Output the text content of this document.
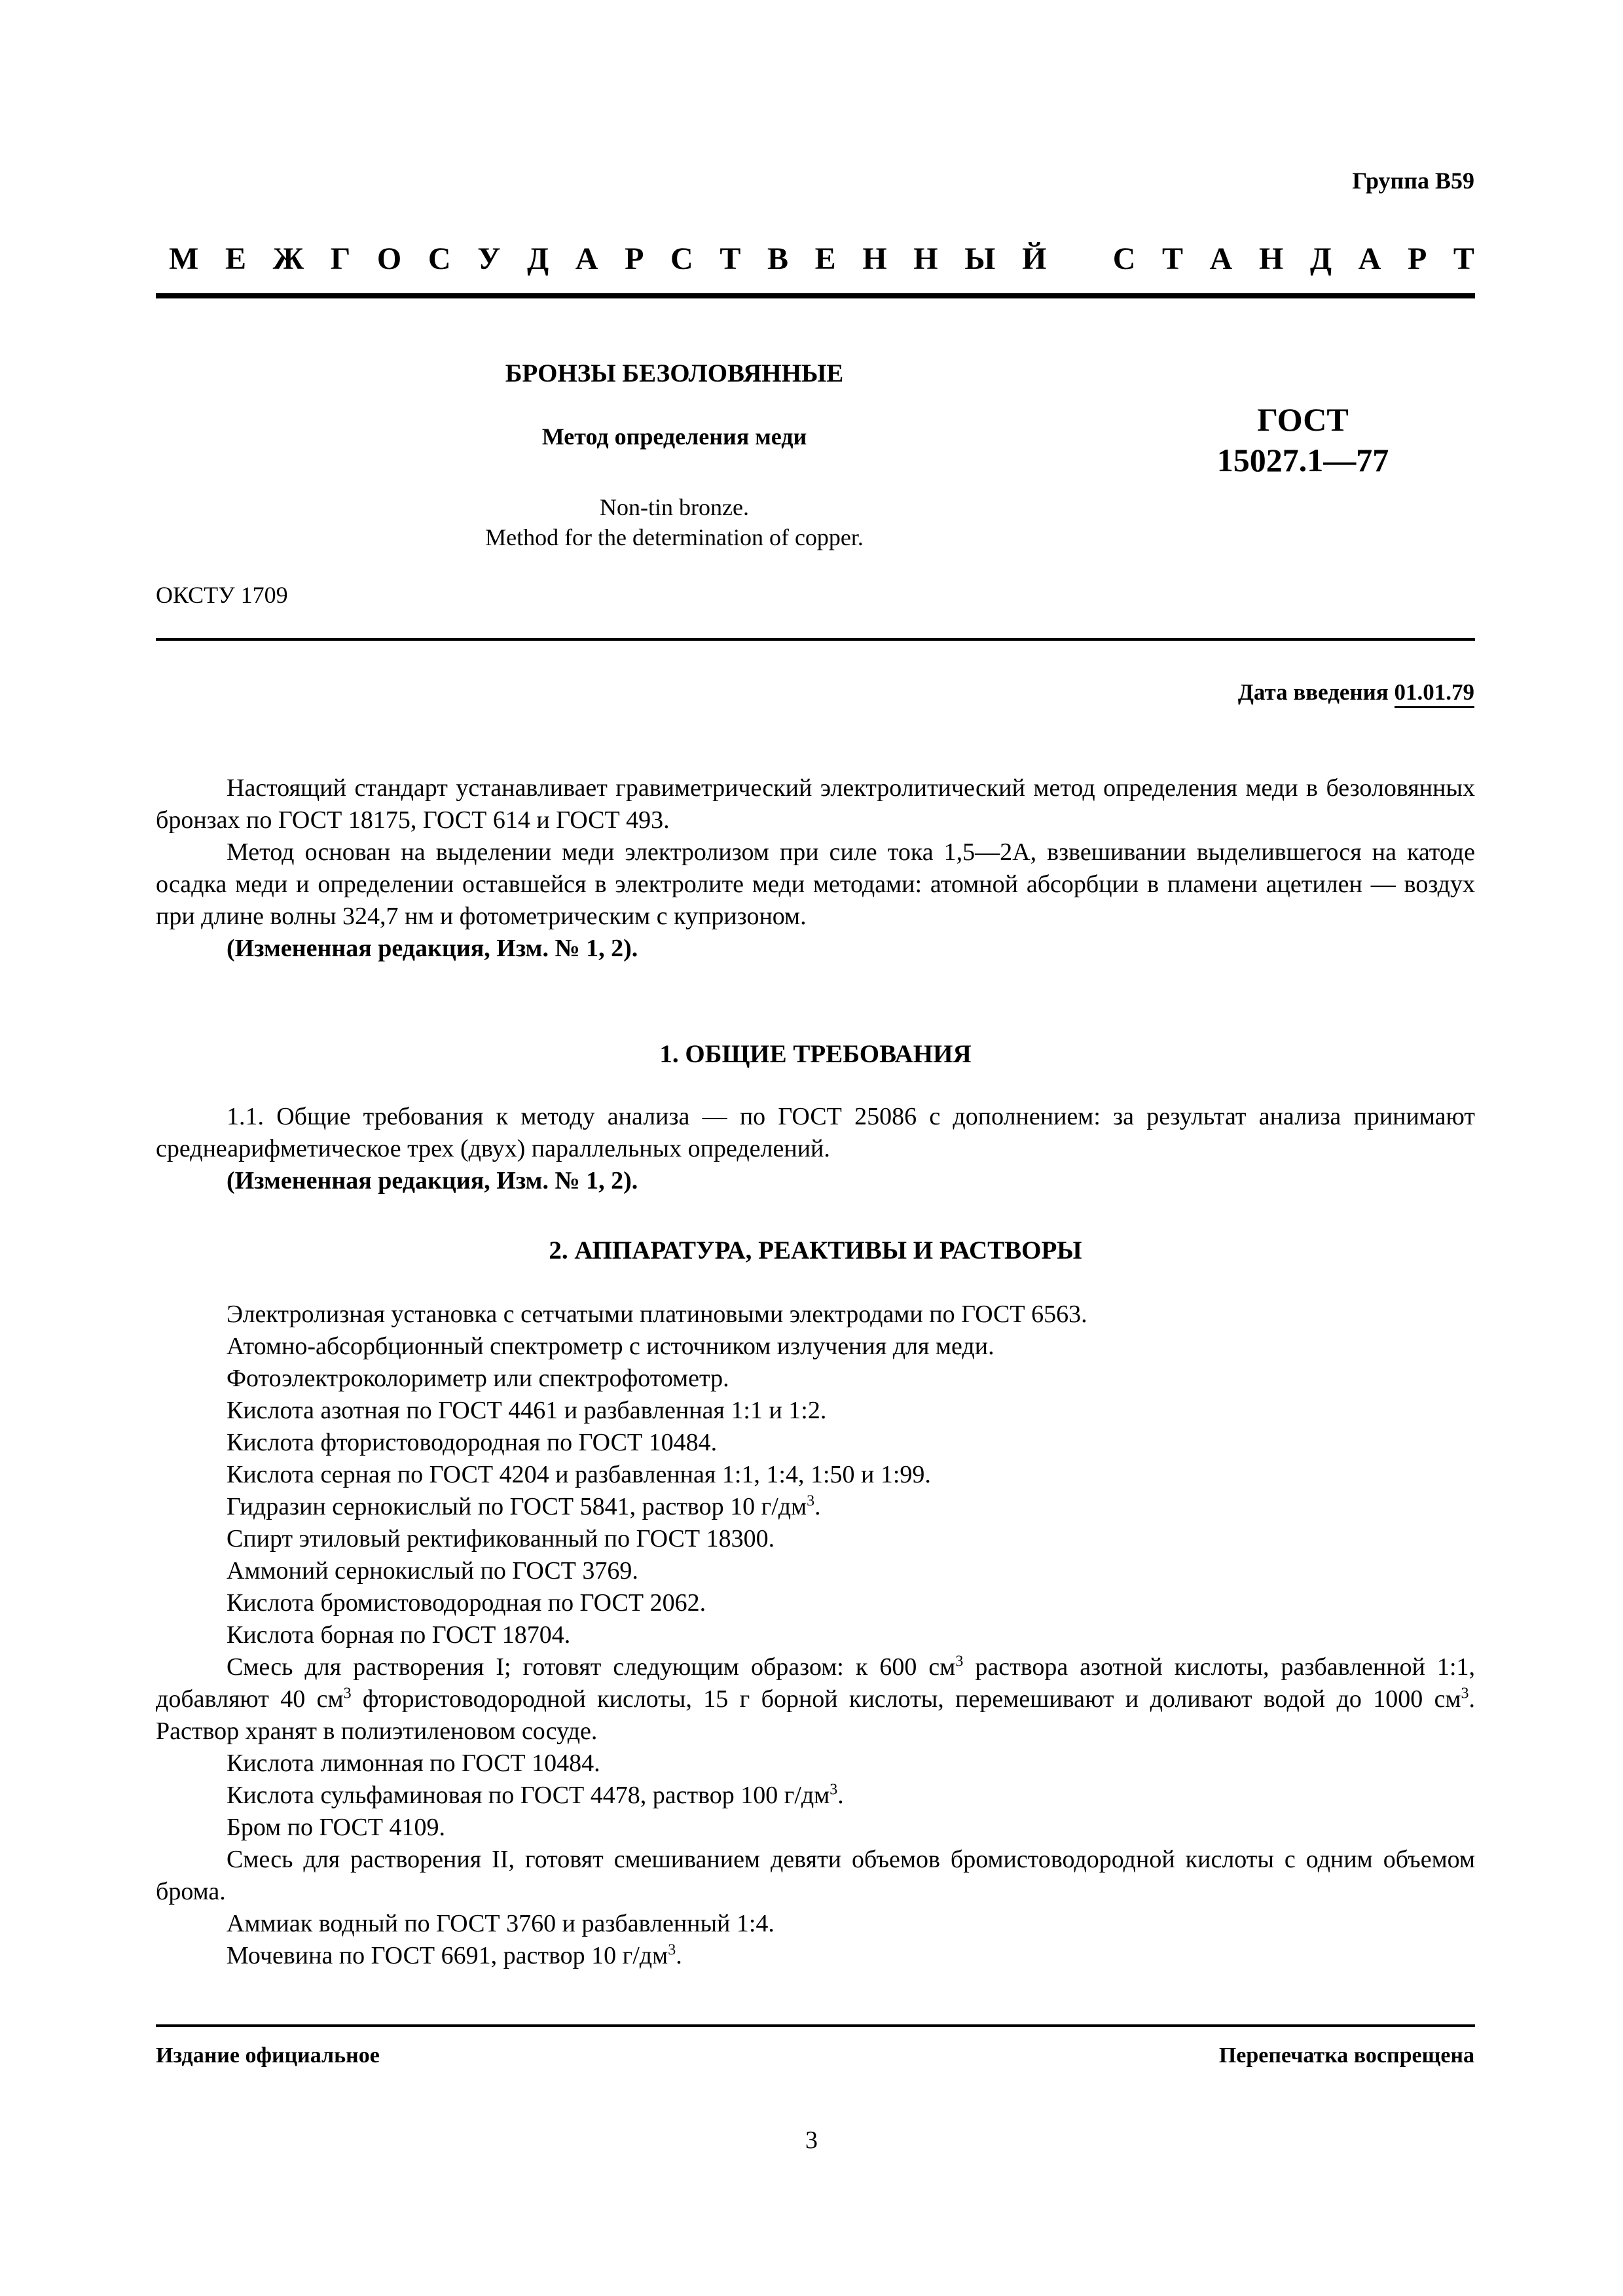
Группа В59
М Е Ж Г О С У Д А Р С Т В Е Н Н Ы Й С Т А Н Д А Р Т
БРОНЗЫ БЕЗОЛОВЯННЫЕ
Метод определения меди
Non-tin bronze.
Method for the determination of copper.
ГОСТ
15027.1—77
ОКСТУ 1709
Дата введения 01.01.79

Настоящий стандарт устанавливает гравиметрический электролитический метод определения меди в безоловянных бронзах по ГОСТ 18175, ГОСТ 614 и ГОСТ 493.

Метод основан на выделении меди электролизом при силе тока 1,5—2А, взвешивании выделившегося на катоде осадка меди и определении оставшейся в электролите меди методами: атомной абсорбции в пламени ацетилен — воздух при длине волны 324,7 нм и фотометрическим с купризоном.

(Измененная редакция, Изм. № 1, 2).

1. ОБЩИЕ ТРЕБОВАНИЯ

1.1. Общие требования к методу анализа — по ГОСТ 25086 с дополнением: за результат анализа принимают среднеарифметическое трех (двух) параллельных определений.

(Измененная редакция, Изм. № 1, 2).

2. АППАРАТУРА, РЕАКТИВЫ И РАСТВОРЫ

Электролизная установка с сетчатыми платиновыми электродами по ГОСТ 6563.

Атомно-абсорбционный спектрометр с источником излучения для меди.

Фотоэлектроколориметр или спектрофотометр.

Кислота азотная по ГОСТ 4461 и разбавленная 1:1 и 1:2.

Кислота фтористоводородная по ГОСТ 10484.

Кислота серная по ГОСТ 4204 и разбавленная 1:1, 1:4, 1:50 и 1:99.

Гидразин сернокислый по ГОСТ 5841, раствор 10 $г/дм^3$.

Спирт этиловый ректификованный по ГОСТ 18300.

Аммоний сернокислый по ГОСТ 3769.

Кислота бромистоводородная по ГОСТ 2062.

Кислота борная по ГОСТ 18704.

Смесь для растворения I; готовят следующим образом: к 600 $см^3$ раствора азотной кислоты, разбавленной 1:1, добавляют 40 $см^3$ фтористоводородной кислоты, 15 г борной кислоты, перемешивают и доливают водой до 1000 $см^3$. Раствор хранят в полиэтиленовом сосуде.

Кислота лимонная по ГОСТ 10484.

Кислота сульфаминовая по ГОСТ 4478, раствор 100 $г/дм^3$.

Бром по ГОСТ 4109.

Смесь для растворения II, готовят смешиванием девяти объемов бромистоводородной кислоты с одним объемом брома.

Аммиак водный по ГОСТ 3760 и разбавленный 1:4.

Мочевина по ГОСТ 6691, раствор 10 $г/дм^3$.

Издание официальное	Перепечатка воспрещена
3
